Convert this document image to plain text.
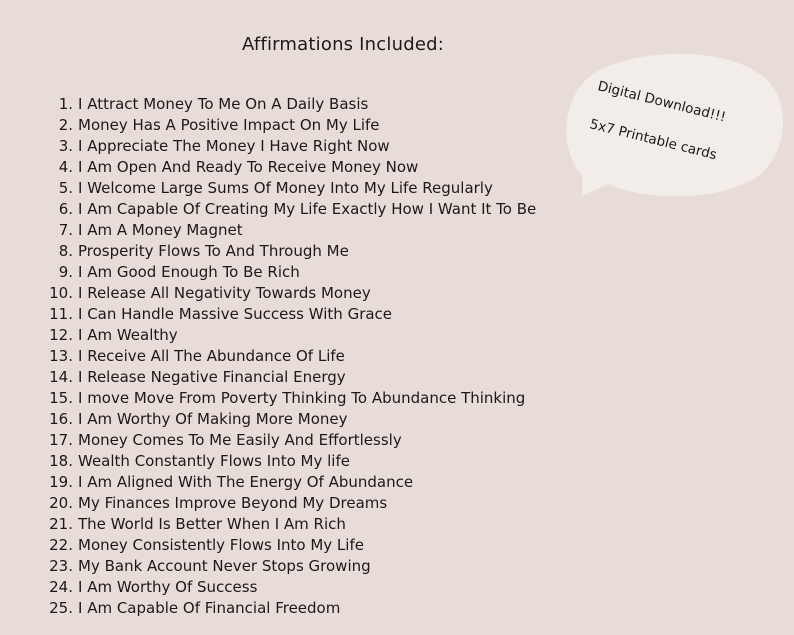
Affirmations Included:
1. I Attract Money To Me On A Daily Basis
2. Money Has A Positive Impact On My Life
3. I Appreciate The Money I Have Right Now
4. I Am Open And Ready To Receive Money Now
5. I Welcome Large Sums Of Money Into My Life Regularly
6. I Am Capable Of Creating My Life Exactly How I Want It To Be
7. I Am A Money Magnet
8. Prosperity Flows To And Through Me
9. I Am Good Enough To Be Rich
10. I Release All Negativity Towards Money
11. I Can Handle Massive Success With Grace
12. I Am Wealthy
13. I Receive All The Abundance Of Life
14. I Release Negative Financial Energy
15. I move Move From Poverty Thinking To Abundance Thinking
16. I Am Worthy Of Making More Money
17. Money Comes To Me Easily And Effortlessly
18. Wealth Constantly Flows Into My life
19. I Am Aligned With The Energy Of Abundance
20. My Finances Improve Beyond My Dreams
21. The World Is Better When I Am Rich
22. Money Consistently Flows Into My Life
23. My Bank Account Never Stops Growing
24. I Am Worthy Of Success
25. I Am Capable Of Financial Freedom
Digital Download!!!
5x7 Printable cards
